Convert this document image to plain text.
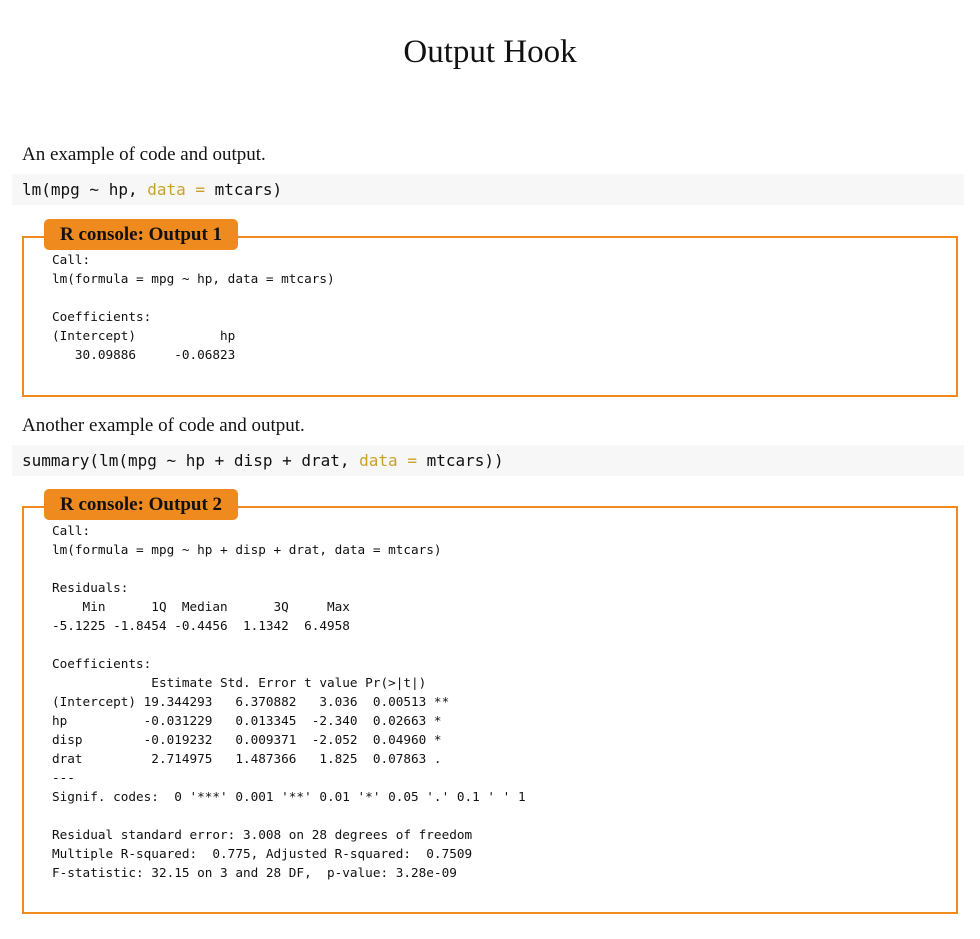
Output Hook

An example of code and output.

lm(mpg ~ hp, data = mtcars)
R console: Output 1
Call:
lm(formula = mpg ~ hp, data = mtcars)

Coefficients:
(Intercept)           hp
30.09886     -0.06823

Another example of code and output.

summary(lm(mpg ~ hp + disp + drat, data = mtcars))
R console: Output 2
Call:
lm(formula = mpg ~ hp + disp + drat, data = mtcars)

Residuals:
Min      1Q  Median      3Q     Max
-5.1225 -1.8454 -0.4456  1.1342  6.4958

Coefficients:
Estimate Std. Error t value Pr(>|t|)
(Intercept) 19.344293   6.370882   3.036  0.00513 **
hp          -0.031229   0.013345  -2.340  0.02663 *
disp        -0.019232   0.009371  -2.052  0.04960 *
drat         2.714975   1.487366   1.825  0.07863 .
---
Signif. codes:  0 '***' 0.001 '**' 0.01 '*' 0.05 '.' 0.1 ' ' 1

Residual standard error: 3.008 on 28 degrees of freedom
Multiple R-squared:  0.775, Adjusted R-squared:  0.7509
F-statistic: 32.15 on 3 and 28 DF,  p-value: 3.28e-09
